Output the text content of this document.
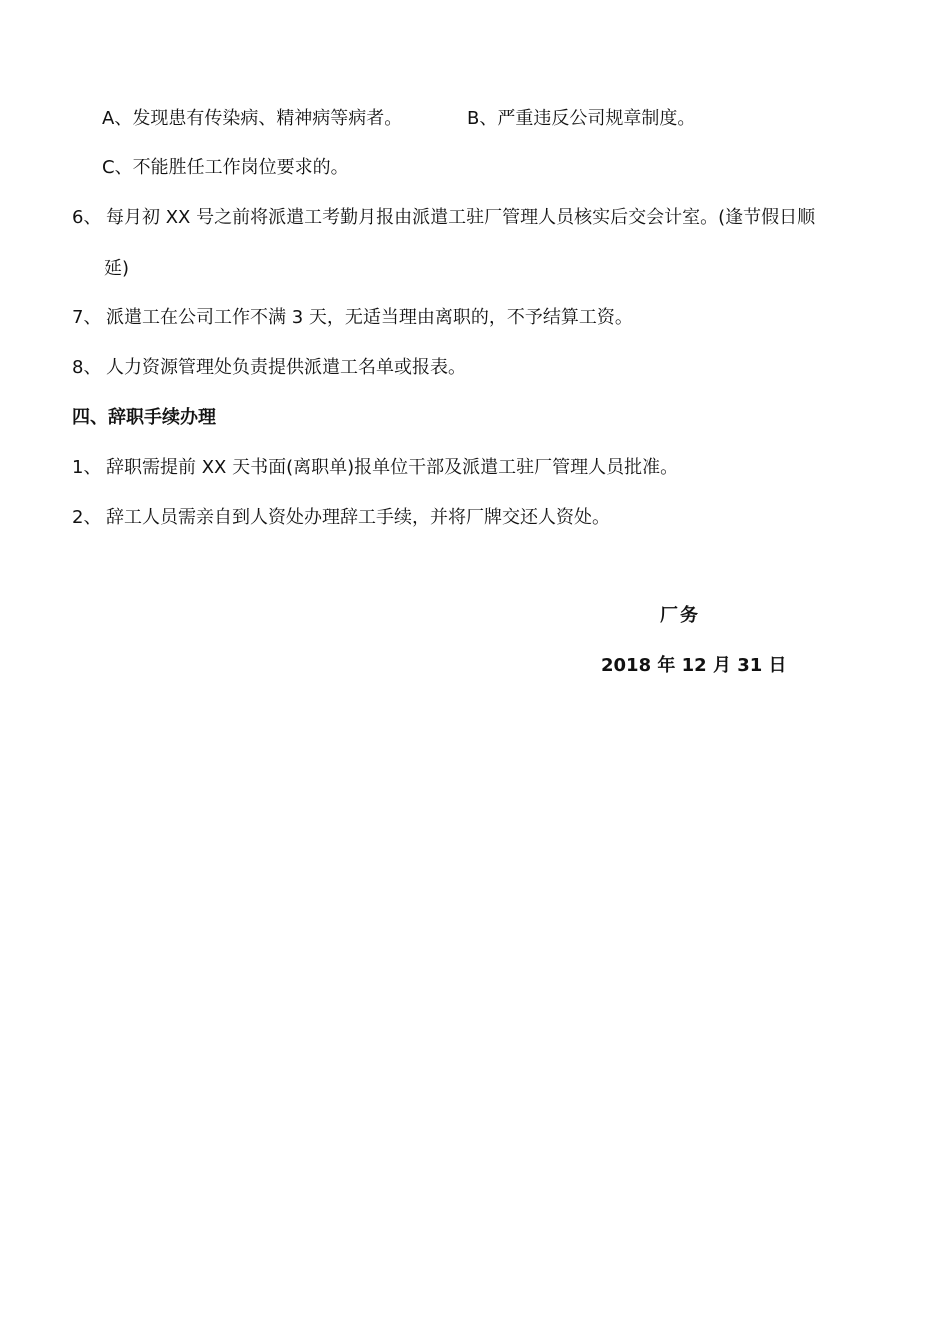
A、发现患有传染病、精神病等病者。	B、严重违反公司规章制度。
C、不能胜任工作岗位要求的。
6、 每月初 XX 号之前将派遣工考勤月报由派遣工驻厂管理人员核实后交会计室。(逢节假日顺
延)
7、 派遣工在公司工作不满 3 天，无适当理由离职的，不予结算工资。
8、 人力资源管理处负责提供派遣工名单或报表。
四、辞职手续办理
1、 辞职需提前 XX 天书面(离职单)报单位干部及派遣工驻厂管理人员批准。
2、 辞工人员需亲自到人资处办理辞工手续，并将厂牌交还人资处。
厂务
2018 年 12 月 31 日
